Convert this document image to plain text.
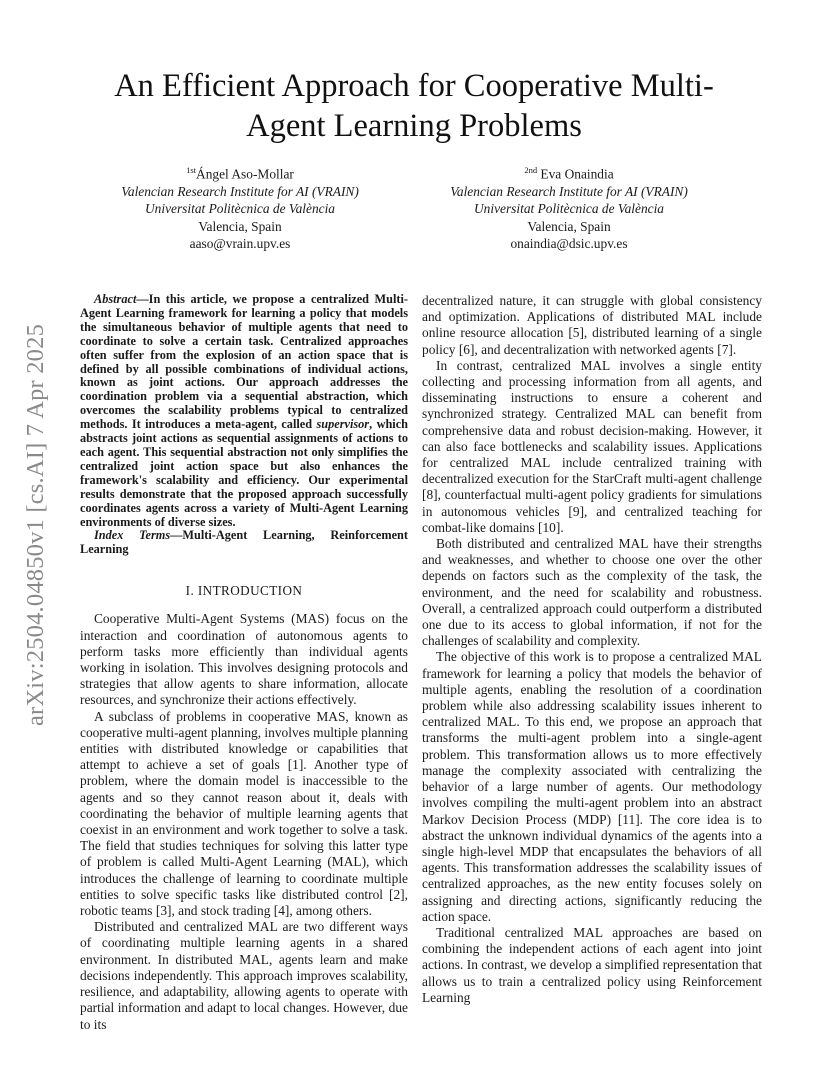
arXiv:2504.04850v1 [cs.AI] 7 Apr 2025
An Efficient Approach for Cooperative Multi-Agent Learning Problems
$^{1st}$Ángel Aso-Mollar
Valencian Research Institute for AI (VRAIN)
Universitat Politècnica de València
Valencia, Spain
aaso@vrain.upv.es
$^{2nd}$ Eva Onaindia
Valencian Research Institute for AI (VRAIN)
Universitat Politècnica de València
Valencia, Spain
onaindia@dsic.upv.es

Abstract—In this article, we propose a centralized Multi-Agent Learning framework for learning a policy that models the simultaneous behavior of multiple agents that need to coordinate to solve a certain task. Centralized approaches often suffer from the explosion of an action space that is defined by all possible combinations of individual actions, known as joint actions. Our approach addresses the coordination problem via a sequential abstraction, which overcomes the scalability problems typical to centralized methods. It introduces a meta-agent, called supervisor, which abstracts joint actions as sequential assignments of actions to each agent. This sequential abstraction not only simplifies the centralized joint action space but also enhances the framework's scalability and efficiency. Our experimental results demonstrate that the proposed approach successfully coordinates agents across a variety of Multi-Agent Learning environments of diverse sizes.

Index Terms—Multi-Agent Learning, Reinforcement Learning

I. INTRODUCTION

Cooperative Multi-Agent Systems (MAS) focus on the interaction and coordination of autonomous agents to perform tasks more efficiently than individual agents working in isolation. This involves designing protocols and strategies that allow agents to share information, allocate resources, and synchronize their actions effectively.

A subclass of problems in cooperative MAS, known as cooperative multi-agent planning, involves multiple planning entities with distributed knowledge or capabilities that attempt to achieve a set of goals [1]. Another type of problem, where the domain model is inaccessible to the agents and so they cannot reason about it, deals with coordinating the behavior of multiple learning agents that coexist in an environment and work together to solve a task. The field that studies techniques for solving this latter type of problem is called Multi-Agent Learning (MAL), which introduces the challenge of learning to coordinate multiple entities to solve specific tasks like distributed control [2], robotic teams [3], and stock trading [4], among others.

Distributed and centralized MAL are two different ways of coordinating multiple learning agents in a shared environment. In distributed MAL, agents learn and make decisions independently. This approach improves scalability, resilience, and adaptability, allowing agents to operate with partial information and adapt to local changes. However, due to its

decentralized nature, it can struggle with global consistency and optimization. Applications of distributed MAL include online resource allocation [5], distributed learning of a single policy [6], and decentralization with networked agents [7].

In contrast, centralized MAL involves a single entity collecting and processing information from all agents, and disseminating instructions to ensure a coherent and synchronized strategy. Centralized MAL can benefit from comprehensive data and robust decision-making. However, it can also face bottlenecks and scalability issues. Applications for centralized MAL include centralized training with decentralized execution for the StarCraft multi-agent challenge [8], counterfactual multi-agent policy gradients for simulations in autonomous vehicles [9], and centralized teaching for combat-like domains [10].

Both distributed and centralized MAL have their strengths and weaknesses, and whether to choose one over the other depends on factors such as the complexity of the task, the environment, and the need for scalability and robustness. Overall, a centralized approach could outperform a distributed one due to its access to global information, if not for the challenges of scalability and complexity.

The objective of this work is to propose a centralized MAL framework for learning a policy that models the behavior of multiple agents, enabling the resolution of a coordination problem while also addressing scalability issues inherent to centralized MAL. To this end, we propose an approach that transforms the multi-agent problem into a single-agent problem. This transformation allows us to more effectively manage the complexity associated with centralizing the behavior of a large number of agents. Our methodology involves compiling the multi-agent problem into an abstract Markov Decision Process (MDP) [11]. The core idea is to abstract the unknown individual dynamics of the agents into a single high-level MDP that encapsulates the behaviors of all agents. This transformation addresses the scalability issues of centralized approaches, as the new entity focuses solely on assigning and directing actions, significantly reducing the action space.

Traditional centralized MAL approaches are based on combining the independent actions of each agent into joint actions. In contrast, we develop a simplified representation that allows us to train a centralized policy using Reinforcement Learning
